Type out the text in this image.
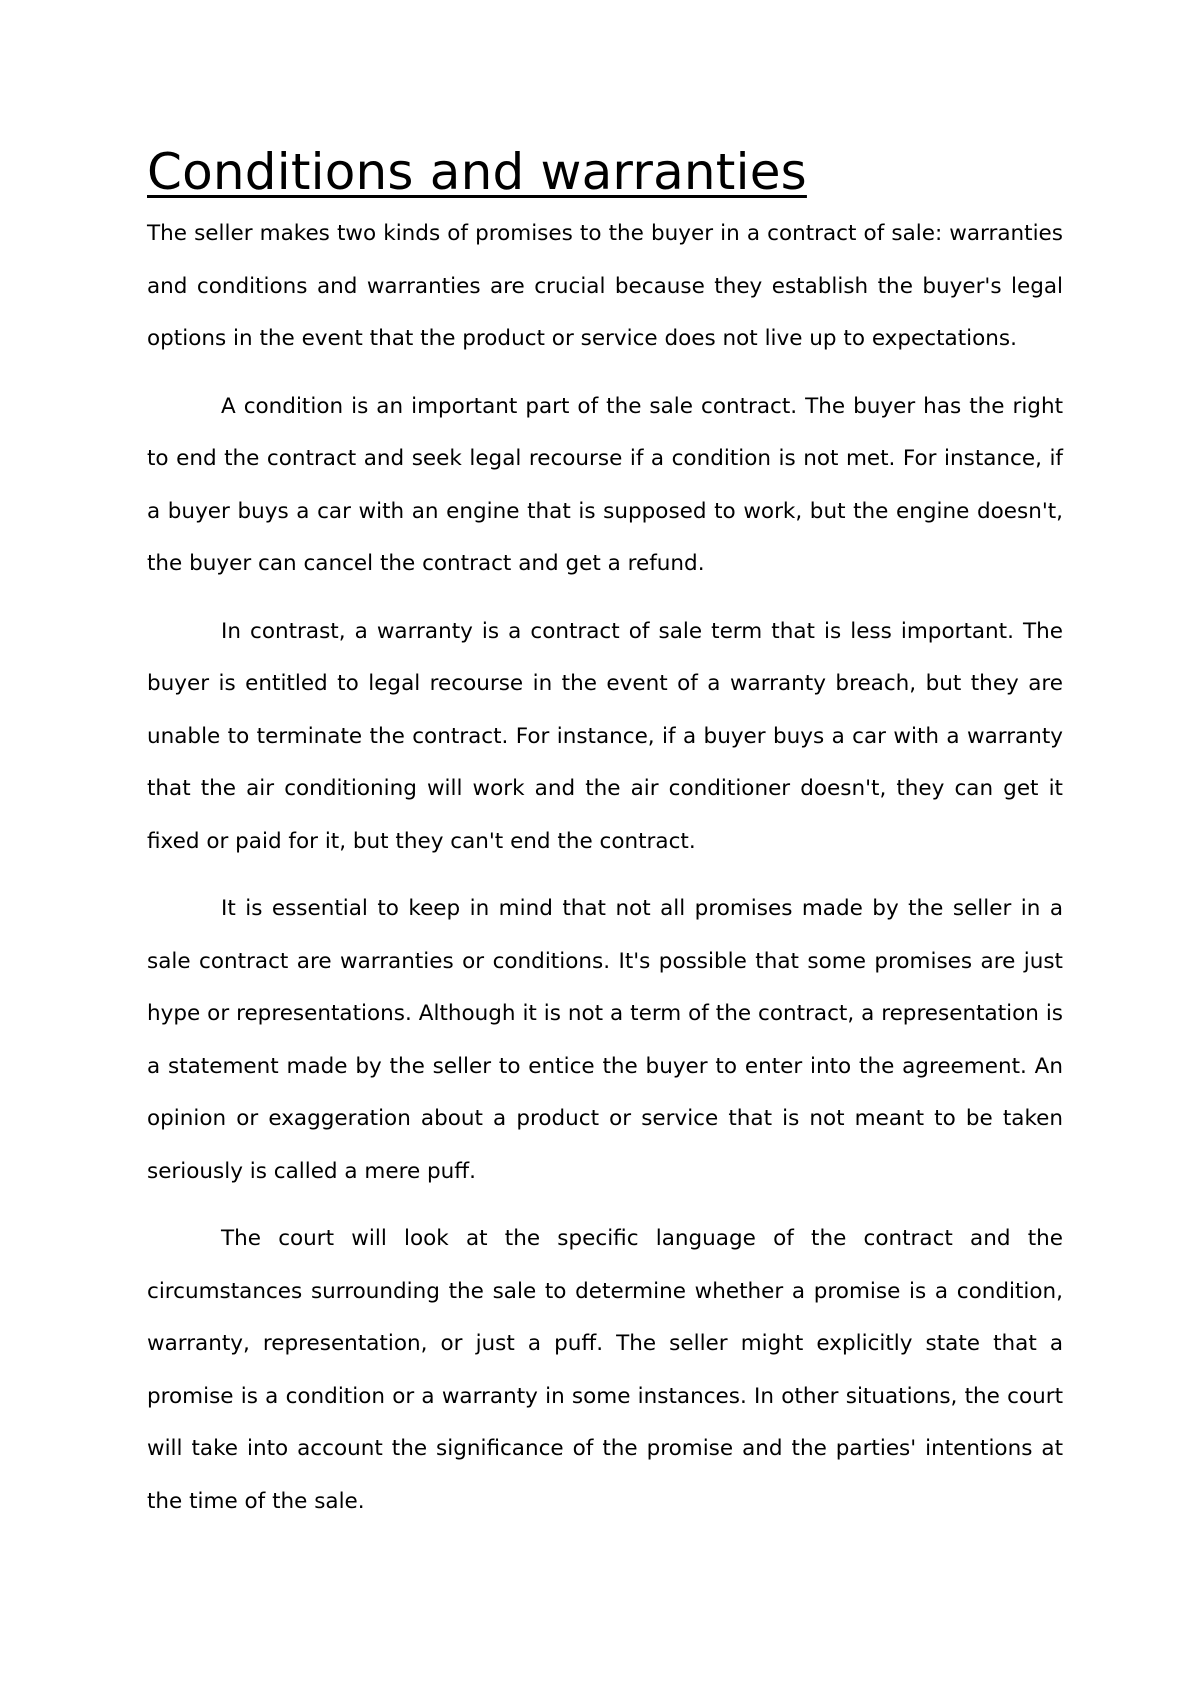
Conditions and warranties

The seller makes two kinds of promises to the buyer in a contract of sale: warranties and conditions and warranties are crucial because they establish the buyer's legal options in the event that the product or service does not live up to expectations.

A condition is an important part of the sale contract. The buyer has the right to end the contract and seek legal recourse if a condition is not met. For instance, if a buyer buys a car with an engine that is supposed to work, but the engine doesn't, the buyer can cancel the contract and get a refund.

In contrast, a warranty is a contract of sale term that is less important. The buyer is entitled to legal recourse in the event of a warranty breach, but they are unable to terminate the contract. For instance, if a buyer buys a car with a warranty that the air conditioning will work and the air conditioner doesn't, they can get it fixed or paid for it, but they can't end the contract.

It is essential to keep in mind that not all promises made by the seller in a sale contract are warranties or conditions. It's possible that some promises are just hype or representations. Although it is not a term of the contract, a representation is a statement made by the seller to entice the buyer to enter into the agreement. An opinion or exaggeration about a product or service that is not meant to be taken seriously is called a mere puff.

The court will look at the specific language of the contract and the circumstances surrounding the sale to determine whether a promise is a condition, warranty, representation, or just a puff. The seller might explicitly state that a promise is a condition or a warranty in some instances. In other situations, the court will take into account the significance of the promise and the parties' intentions at the time of the sale.
